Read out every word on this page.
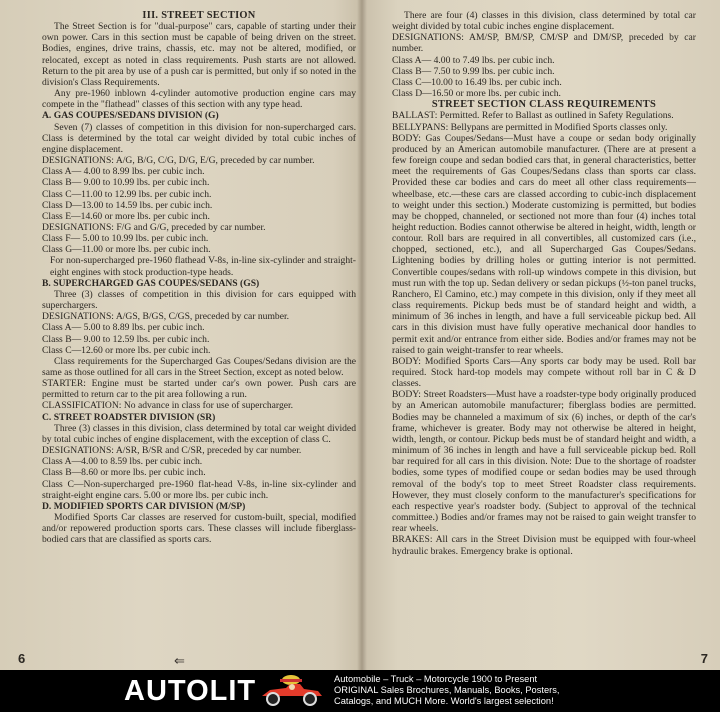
III. STREET SECTION

The Street Section is for "dual-purpose" cars, capable of starting under their own power. Cars in this section must be capable of being driven on the street. Bodies, engines, drive trains, chassis, etc. may not be altered, modified, or relocated, except as noted in class requirements. Push starts are not allowed. Return to the pit area by use of a push car is permitted, but only if so noted in the division's Class Requirements.

Any pre-1960 inblown 4-cylinder automotive production engine cars may compete in the "flathead" classes of this section with any type head.

A. GAS COUPES/SEDANS DIVISION (G)

Seven (7) classes of competition in this division for non-supercharged cars. Class is determined by the total car weight divided by total cubic inches of engine displacement.

DESIGNATIONS: A/G, B/G, C/G, D/G, E/G, preceded by car number.

Class A— 4.00 to 8.99 lbs. per cubic inch.

Class B— 9.00 to 10.99 lbs. per cubic inch.

Class C—11.00 to 12.99 lbs. per cubic inch.

Class D—13.00 to 14.59 lbs. per cubic inch.

Class E—14.60 or more lbs. per cubic inch.

DESIGNATIONS: F/G and G/G, preceded by car number.

Class F— 5.00 to 10.99 lbs. per cubic inch.

Class G—11.00 or more lbs. per cubic inch.

For non-supercharged pre-1960 flathead V-8s, in-line six-cylinder and straight-eight engines with stock production-type heads.

B. SUPERCHARGED GAS COUPES/SEDANS (GS)

Three (3) classes of competition in this division for cars equipped with superchargers.

DESIGNATIONS: A/GS, B/GS, C/GS, preceded by car number.

Class A— 5.00 to 8.89 lbs. per cubic inch.

Class B— 9.00 to 12.59 lbs. per cubic inch.

Class C—12.60 or more lbs. per cubic inch.

Class requirements for the Supercharged Gas Coupes/Sedans division are the same as those outlined for all cars in the Street Section, except as noted below.

STARTER: Engine must be started under car's own power. Push cars are permitted to return car to the pit area following a run.

CLASSIFICATION: No advance in class for use of supercharger.

C. STREET ROADSTER DIVISION (SR)

Three (3) classes in this division, class determined by total car weight divided by total cubic inches of engine displacement, with the exception of class C.

DESIGNATIONS: A/SR, B/SR and C/SR, preceded by car number.

Class A—4.00 to 8.59 lbs. per cubic inch.

Class B—8.60 or more lbs. per cubic inch.

Class C—Non-supercharged pre-1960 flat-head V-8s, in-line six-cylinder and straight-eight engine cars. 5.00 or more lbs. per cubic inch.

D. MODIFIED SPORTS CAR DIVISION (M/SP)

Modified Sports Car classes are reserved for custom-built, special, modified and/or repowered production sports cars. These classes will include fiberglass-bodied cars that are classified as sports cars.

⇐
6

There are four (4) classes in this division, class determined by total car weight divided by total cubic inches engine displacement.

DESIGNATIONS: AM/SP, BM/SP, CM/SP and DM/SP, preceded by car number.

Class A— 4.00 to 7.49 lbs. per cubic inch.

Class B— 7.50 to 9.99 lbs. per cubic inch.

Class C—10.00 to 16.49 lbs. per cubic inch.

Class D—16.50 or more lbs. per cubic inch.

STREET SECTION CLASS REQUIREMENTS

BALLAST: Permitted. Refer to Ballast as outlined in Safety Regulations.

BELLYPANS: Bellypans are permitted in Modified Sports classes only.

BODY: Gas Coupes/Sedans—Must have a coupe or sedan body originally produced by an American automobile manufacturer. (There are at present a few foreign coupe and sedan bodied cars that, in general characteristics, better meet the requirements of Gas Coupes/Sedans class than sports car class. Provided these car bodies and cars do meet all other class requirements—wheelbase, etc.—these cars are classed according to cubic-inch displacement to weight under this section.) Moderate customizing is permitted, but bodies may be chopped, channeled, or sectioned not more than four (4) inches total height reduction. Bodies cannot otherwise be altered in height, width, length or contour. Roll bars are required in all convertibles, all customized cars (i.e., chopped, sectioned, etc.), and all Supercharged Gas Coupes/Sedans. Lightening bodies by drilling holes or gutting interior is not permitted. Convertible coupes/sedans with roll-up windows compete in this division, but must run with the top up. Sedan delivery or sedan pickups (½-ton panel trucks, Ranchero, El Camino, etc.) may compete in this division, only if they meet all class requirements. Pickup beds must be of standard height and width, a minimum of 36 inches in length, and have a full serviceable pickup bed. All cars in this division must have fully operative mechanical door handles to permit exit and/or entrance from either side. Bodies and/or frames may not be raised to gain weight-transfer to rear wheels.

BODY: Modified Sports Cars—Any sports car body may be used. Roll bar required. Stock hard-top models may compete without roll bar in C & D classes.

BODY: Street Roadsters—Must have a roadster-type body originally produced by an American automobile manufacturer; fiberglass bodies are permitted. Bodies may be channeled a maximum of six (6) inches, or depth of the car's frame, whichever is greater. Body may not otherwise be altered in height, width, length, or contour. Pickup beds must be of standard height and width, a minimum of 36 inches in length and have a full serviceable pickup bed. Roll bar required for all cars in this division. Note: Due to the shortage of roadster bodies, some types of modified coupe or sedan bodies may be used through removal of the body's top to meet Street Roadster class requirements. However, they must closely conform to the manufacturer's specifications for each respective year's roadster body. (Subject to approval of the technical committee.) Bodies and/or frames may not be raised to gain weight transfer to rear wheels.

BRAKES: All cars in the Street Division must be equipped with four-wheel hydraulic brakes. Emergency brake is optional.

7
AUTOLIT	Automobile – Truck – Motorcycle 1900 to Present
ORIGINAL Sales Brochures, Manuals, Books, Posters,
Catalogs, and MUCH More. World's largest selection!
